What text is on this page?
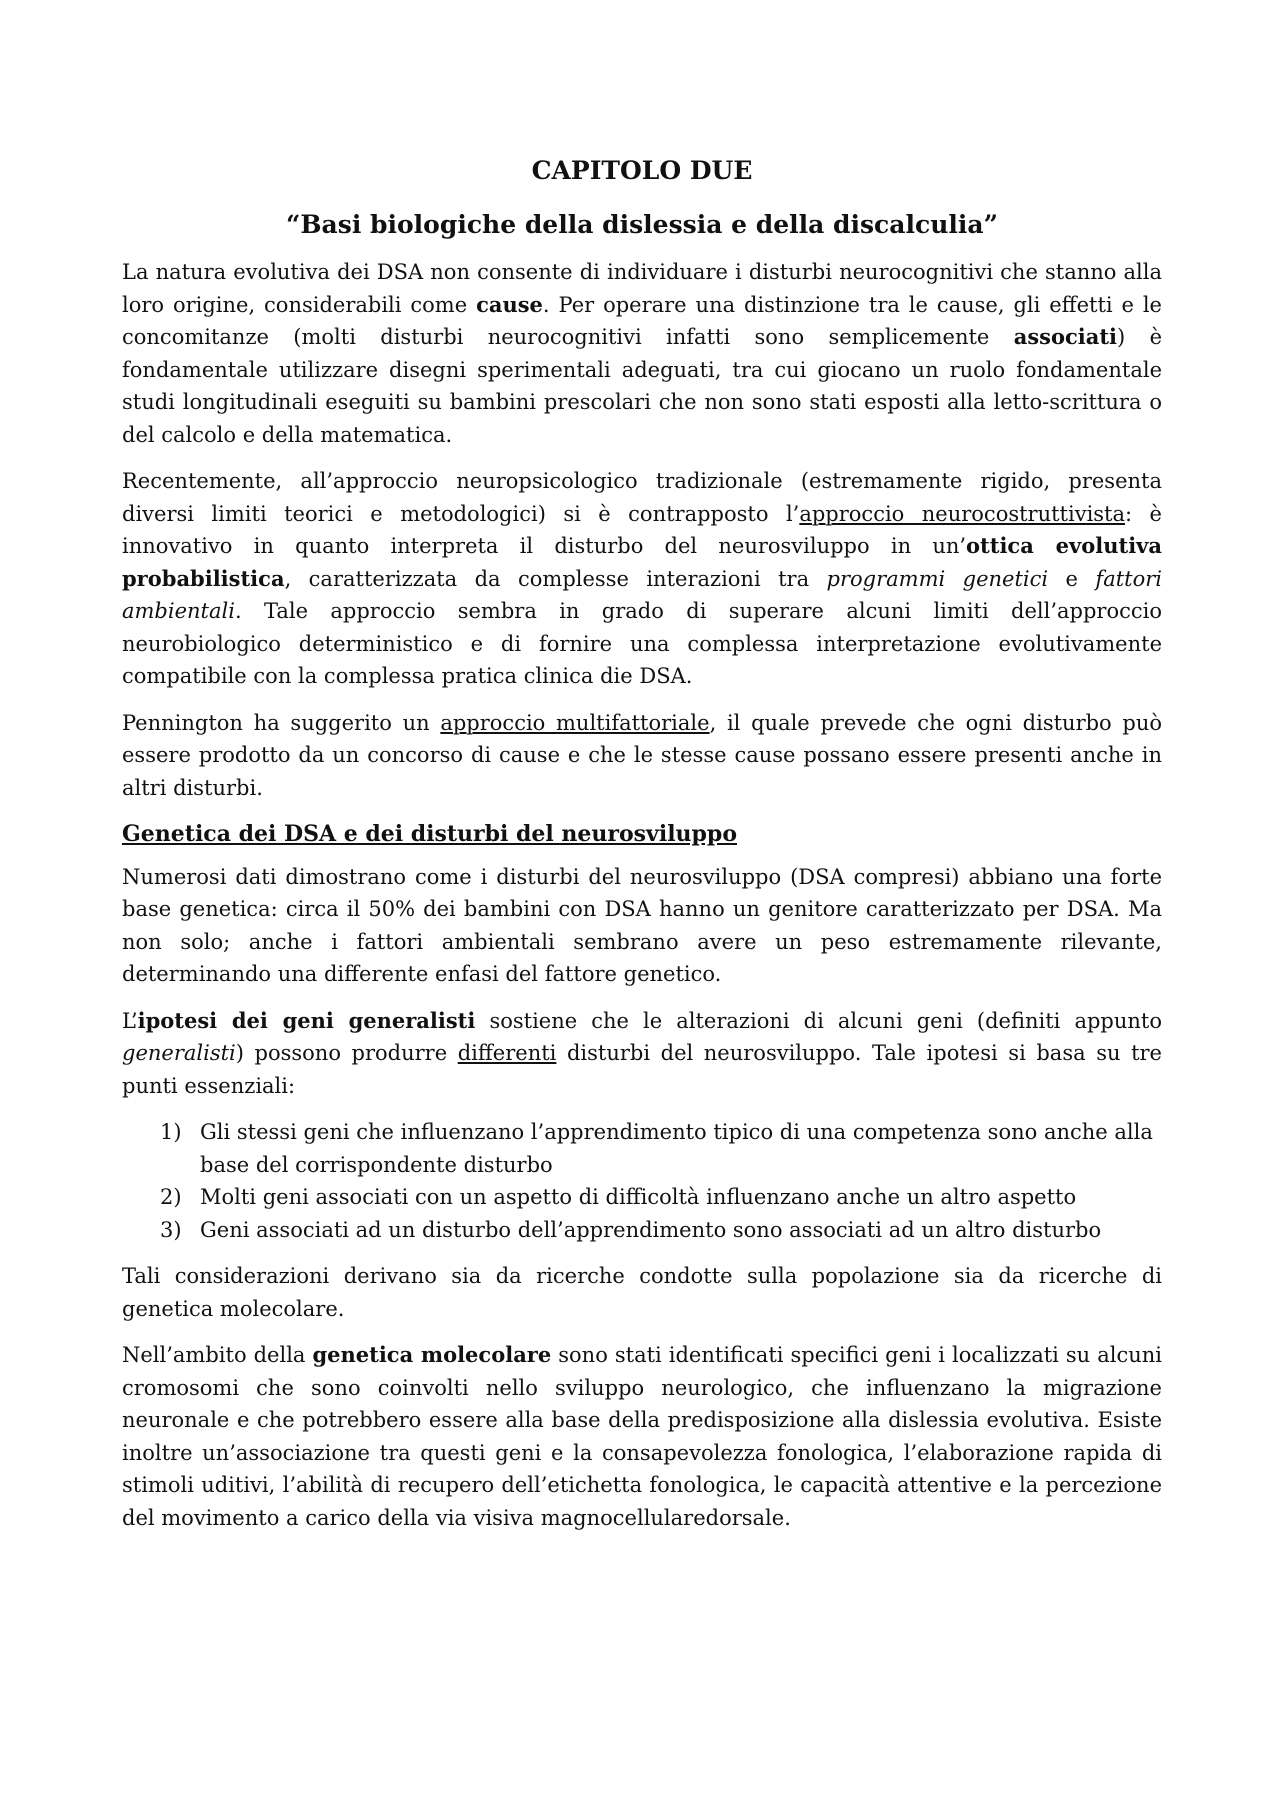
CAPITOLO DUE
“Basi biologiche della dislessia e della discalculia”

La natura evolutiva dei DSA non consente di individuare i disturbi neurocognitivi che stanno alla loro origine, considerabili come cause. Per operare una distinzione tra le cause, gli effetti e le concomitanze (molti disturbi neurocognitivi infatti sono semplicemente associati) è fondamentale utilizzare disegni sperimentali adeguati, tra cui giocano un ruolo fondamentale studi longitudinali eseguiti su bambini prescolari che non sono stati esposti alla letto-scrittura o del calcolo e della matematica.

Recentemente, all’approccio neuropsicologico tradizionale (estremamente rigido, presenta diversi limiti teorici e metodologici) si è contrapposto l’approccio neurocostruttivista: è innovativo in quanto interpreta il disturbo del neurosviluppo in un’ottica evolutiva probabilistica, caratterizzata da complesse interazioni tra programmi genetici e fattori ambientali. Tale approccio sembra in grado di superare alcuni limiti dell’approccio neurobiologico deterministico e di fornire una complessa interpretazione evolutivamente compatibile con la complessa pratica clinica die DSA.

Pennington ha suggerito un approccio multifattoriale, il quale prevede che ogni disturbo può essere prodotto da un concorso di cause e che le stesse cause possano essere presenti anche in altri disturbi.

Genetica dei DSA e dei disturbi del neurosviluppo

Numerosi dati dimostrano come i disturbi del neurosviluppo (DSA compresi) abbiano una forte base genetica: circa il 50% dei bambini con DSA hanno un genitore caratterizzato per DSA. Ma non solo; anche i fattori ambientali sembrano avere un peso estremamente rilevante, determinando una differente enfasi del fattore genetico.

L’ipotesi dei geni generalisti sostiene che le alterazioni di alcuni geni (definiti appunto generalisti) possono produrre differenti disturbi del neurosviluppo. Tale ipotesi si basa su tre punti essenziali:

1) Gli stessi geni che influenzano l’apprendimento tipico di una competenza sono anche alla base del corrispondente disturbo
2) Molti geni associati con un aspetto di difficoltà influenzano anche un altro aspetto
3) Geni associati ad un disturbo dell’apprendimento sono associati ad un altro disturbo

Tali considerazioni derivano sia da ricerche condotte sulla popolazione sia da ricerche di genetica molecolare.

Nell’ambito della genetica molecolare sono stati identificati specifici geni i localizzati su alcuni cromosomi che sono coinvolti nello sviluppo neurologico, che influenzano la migrazione neuronale e che potrebbero essere alla base della predisposizione alla dislessia evolutiva. Esiste inoltre un’associazione tra questi geni e la consapevolezza fonologica, l’elaborazione rapida di stimoli uditivi, l’abilità di recupero dell’etichetta fonologica, le capacità attentive e la percezione del movimento a carico della via visiva magnocellularedorsale.
